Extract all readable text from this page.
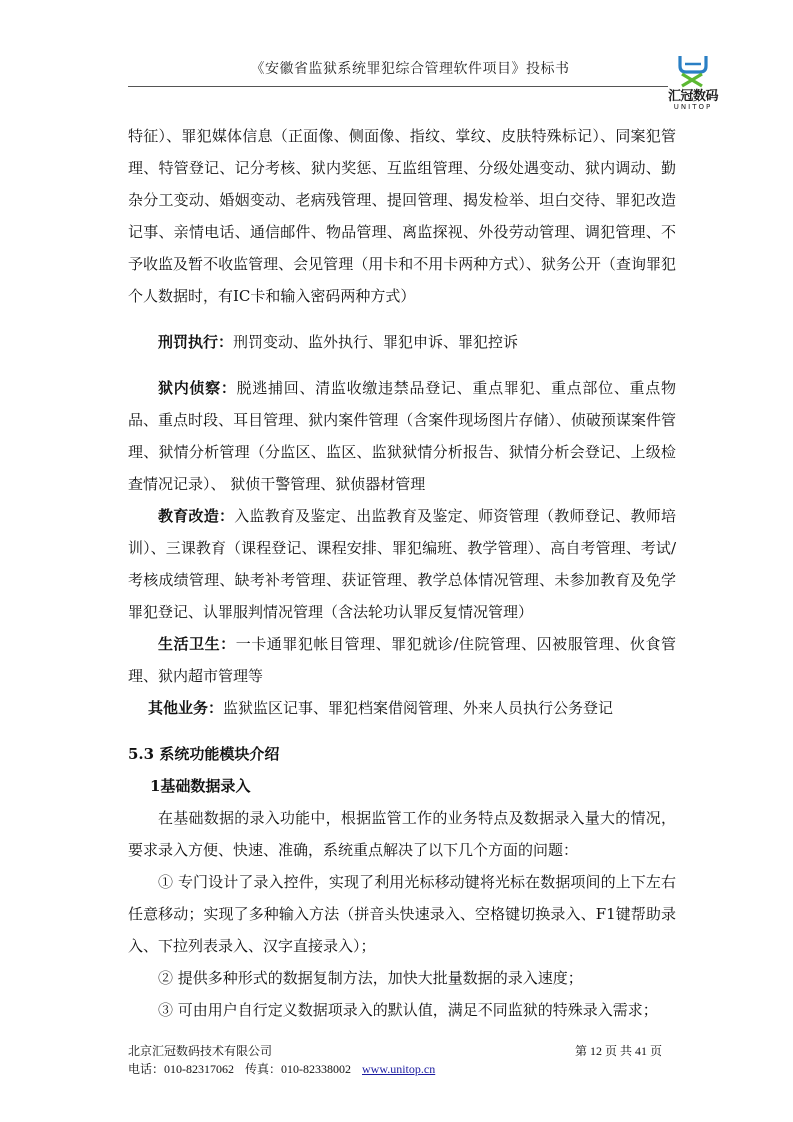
《安徽省监狱系统罪犯综合管理软件项目》投标书
汇冠数码
UNITOP

特征）、罪犯媒体信息（正面像、侧面像、指纹、掌纹、皮肤特殊标记）、同案犯管理、特管登记、记分考核、狱内奖惩、互监组管理、分级处遇变动、狱内调动、勤杂分工变动、婚姻变动、老病残管理、提回管理、揭发检举、坦白交待、罪犯改造记事、亲情电话、通信邮件、物品管理、离监探视、外役劳动管理、调犯管理、不予收监及暂不收监管理、会见管理（用卡和不用卡两种方式）、狱务公开（查询罪犯个人数据时，有IC卡和输入密码两种方式）

刑罚执行：刑罚变动、监外执行、罪犯申诉、罪犯控诉

狱内侦察：脱逃捕回、清监收缴违禁品登记、重点罪犯、重点部位、重点物品、重点时段、耳目管理、狱内案件管理（含案件现场图片存储）、侦破预谋案件管理、狱情分析管理（分监区、监区、监狱狱情分析报告、狱情分析会登记、上级检查情况记录）、 狱侦干警管理、狱侦器材管理

教育改造：入监教育及鉴定、出监教育及鉴定、师资管理（教师登记、教师培训）、三课教育（课程登记、课程安排、罪犯编班、教学管理）、高自考管理、考试/考核成绩管理、缺考补考管理、获证管理、教学总体情况管理、未参加教育及免学罪犯登记、认罪服判情况管理（含法轮功认罪反复情况管理）

生活卫生：一卡通罪犯帐目管理、罪犯就诊/住院管理、囚被服管理、伙食管理、狱内超市管理等

其他业务：监狱监区记事、罪犯档案借阅管理、外来人员执行公务登记

5.3 系统功能模块介绍

1基础数据录入

在基础数据的录入功能中，根据监管工作的业务特点及数据录入量大的情况，要求录入方便、快速、准确，系统重点解决了以下几个方面的问题：

① 专门设计了录入控件，实现了利用光标移动键将光标在数据项间的上下左右任意移动；实现了多种输入方法（拼音头快速录入、空格键切换录入、F1键帮助录入、下拉列表录入、汉字直接录入）；

② 提供多种形式的数据复制方法，加快大批量数据的录入速度；

③ 可由用户自行定义数据项录入的默认值，满足不同监狱的特殊录入需求；

北京汇冠数码技术有限公司	第 12 页 共 41 页
电话：010-82317062 传真：010-82338002 www.unitop.cn
